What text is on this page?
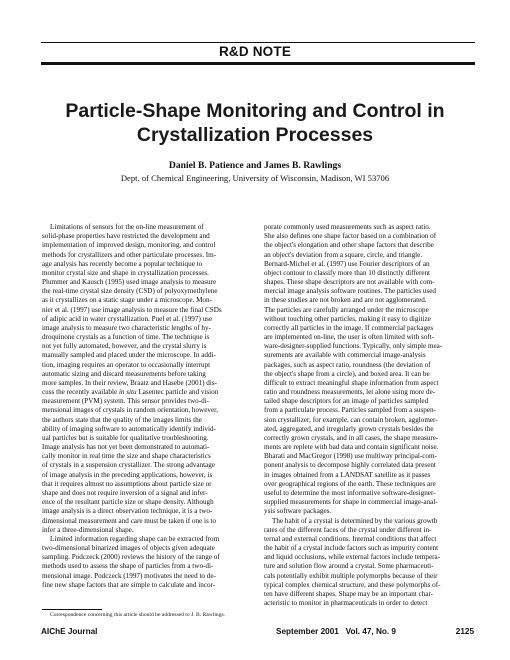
R&D NOTE
Particle-Shape Monitoring and Control in
Crystallization Processes
Daniel B. Patience and James B. Rawlings
Dept. of Chemical Engineering, University of Wisconsin, Madison, WI 53706
Limitations of sensors for the on-line measurement of
solid-phase properties have restricted the development and
implementation of improved design, monitoring, and control
methods for crystallizers and other particulate processes. Im-
age analysis has recently become a popular technique to
monitor crystal size and shape in crystallization processes.
Plummer and Kausch (1995) used image analysis to measure
the real-time crystal size density (CSD) of polyoxymethylene
as it crystallizes on a static stage under a microscope. Mon-
nier et al. (1997) use image analysis to measure the final CSDs
of adipic acid in water crystallization. Puel et al. (1997) use
image analysis to measure two characteristic lengths of hy-
droquinone crystals as a function of time. The technique is
not yet fully automated, however, and the crystal slurry is
manually sampled and placed under the microscope. In addi-
tion, imaging requires an operator to occasionally interrupt
automatic sizing and discard measurements before taking
more samples. In their review, Braatz and Hasebe (2001) dis-
cuss the recently available in situ Lasentec particle and vision
measurement (PVM) system. This sensor provides two-di-
mensional images of crystals in random orientation, however,
the authors state that the quality of the images limits the
ability of imaging software to automatically identify individ-
ual particles but is suitable for qualitative troubleshooting.
Image analysis has not yet been demonstrated to automati-
cally monitor in real time the size and shape characteristics
of crystals in a suspension crystallizer. The strong advantage
of image analysis in the preceding applications, however, is
that it requires almost no assumptions about particle size or
shape and does not require inversion of a signal and infer-
ence of the resultant particle size or shape density. Although
image analysis is a direct observation technique, it is a two-
dimensional measurement and care must be taken if one is to
infer a three-dimensional shape.
Limited information regarding shape can be extracted from
two-dimensional binarized images of objects given adequate
sampling. Podczeck (2000) reviews the history of the range of
methods used to assess the shape of particles from a two-di-
mensional image. Podczeck (1997) motivates the need to de-
fine new shape factors that are simple to calculate and incor-
porate commonly used measurements such as aspect ratio.
She also defines one shape factor based on a combination of
the object's elongation and other shape factors that describe
an object's deviation from a square, circle, and triangle.
Bernard-Michel et al. (1997) use Fourier descriptors of an
object contour to classify more than 10 distinctly different
shapes. These shape descriptors are not available with com-
mercial image analysis software routines. The particles used
in these studies are not broken and are not agglomerated.
The particles are carefully arranged under the microscope
without touching other particles, making it easy to digitize
correctly all particles in the image. If commercial packages
are implemented on-line, the user is often limited with soft-
ware-designer-supplied functions. Typically, only simple mea-
surements are available with commercial image-analysis
packages, such as aspect ratio, roundness (the deviation of
the object's shape from a circle), and boxed area. It can be
difficult to extract meaningful shape information from aspect
ratio and roundness measurements, let alone using more de-
tailed shape descriptors for an image of particles sampled
from a particulate process. Particles sampled from a suspen-
sion crystallizer, for example, can contain broken, agglomer-
ated, aggregated, and irregularly grown crystals besides the
correctly grown crystals, and in all cases, the shape measure-
ments are replete with bad data and contain significant noise.
Bharati and MacGregor (1998) use multiway principal-com-
ponent analysis to decompose highly correlated data present
in images obtained from a LANDSAT satellite as it passes
over geographical regions of the earth. These techniques are
useful to determine the most informative software-designer-
supplied measurements for shape in commercial image-anal-
ysis software packages.
The habit of a crystal is determined by the various growth
rates of the different faces of the crystal under different in-
ternal and external conditions. Internal conditions that affect
the habit of a crystal include factors such as impurity content
and liquid occlusions, while external factors include tempera-
ture and solution flow around a crystal. Some pharmaceuti-
cals potentially exhibit multiple polymorphs because of their
typical complex chemical structure, and these polymorphs of-
ten have different shapes. Shape may be an important char-
acteristic to monitor in pharmaceuticals in order to detect
Correspondence concerning this article should be addressed to J. B. Rawlings.
AIChE Journal	September 2001   Vol. 47, No. 9	2125
